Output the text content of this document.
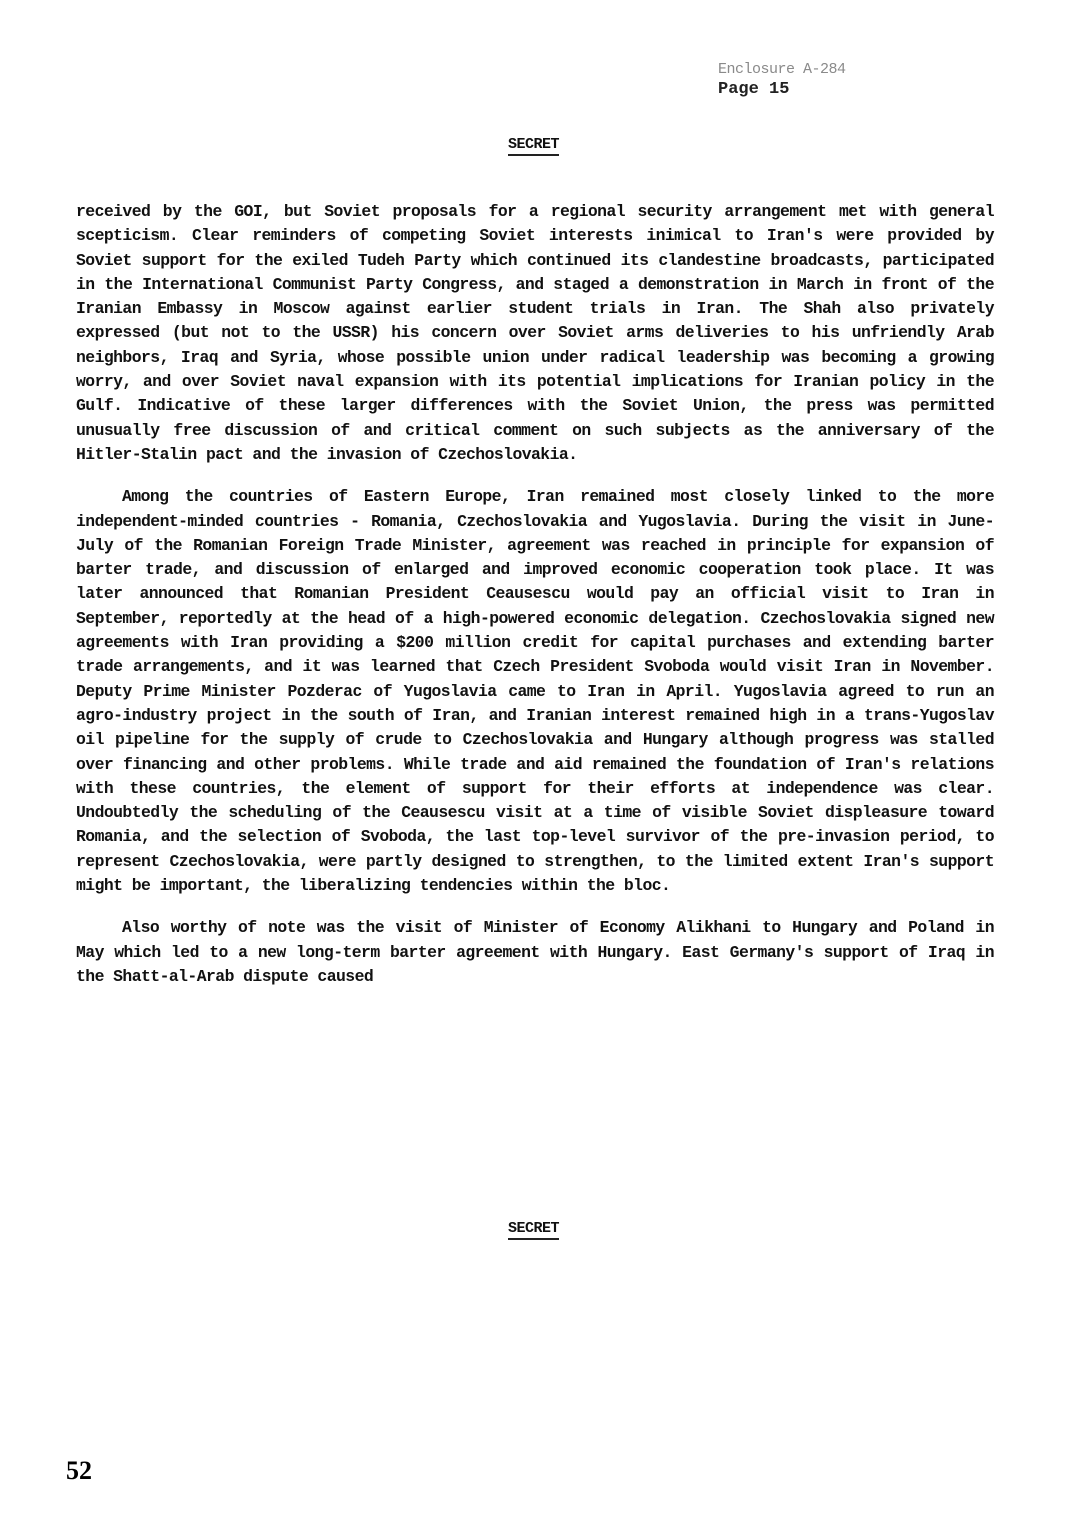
Enclosure A-284
Page 15
SECRET

received by the GOI, but Soviet proposals for a regional security arrangement met with general scepticism. Clear reminders of competing Soviet interests inimical to Iran's were provided by Soviet support for the exiled Tudeh Party which continued its clandestine broadcasts, participated in the International Communist Party Congress, and staged a demonstration in March in front of the Iranian Embassy in Moscow against earlier student trials in Iran. The Shah also privately expressed (but not to the USSR) his concern over Soviet arms deliveries to his unfriendly Arab neighbors, Iraq and Syria, whose possible union under radical leadership was becoming a growing worry, and over Soviet naval expansion with its potential implications for Iranian policy in the Gulf. Indicative of these larger differences with the Soviet Union, the press was permitted unusually free discussion of and critical comment on such subjects as the anniversary of the Hitler-Stalin pact and the invasion of Czechoslovakia.

Among the countries of Eastern Europe, Iran remained most closely linked to the more independent-minded countries - Romania, Czechoslovakia and Yugoslavia. During the visit in June-July of the Romanian Foreign Trade Minister, agreement was reached in principle for expansion of barter trade, and discussion of enlarged and improved economic cooperation took place. It was later announced that Romanian President Ceausescu would pay an official visit to Iran in September, reportedly at the head of a high-powered economic delegation. Czechoslovakia signed new agreements with Iran providing a $200 million credit for capital purchases and extending barter trade arrangements, and it was learned that Czech President Svoboda would visit Iran in November. Deputy Prime Minister Pozderac of Yugoslavia came to Iran in April. Yugoslavia agreed to run an agro-industry project in the south of Iran, and Iranian interest remained high in a trans-Yugoslav oil pipeline for the supply of crude to Czechoslovakia and Hungary although progress was stalled over financing and other problems. While trade and aid remained the foundation of Iran's relations with these countries, the element of support for their efforts at independence was clear. Undoubtedly the scheduling of the Ceausescu visit at a time of visible Soviet displeasure toward Romania, and the selection of Svoboda, the last top-level survivor of the pre-invasion period, to represent Czechoslovakia, were partly designed to strengthen, to the limited extent Iran's support might be important, the liberalizing tendencies within the bloc.

Also worthy of note was the visit of Minister of Economy Alikhani to Hungary and Poland in May which led to a new long-term barter agreement with Hungary. East Germany's support of Iraq in the Shatt-al-Arab dispute caused

SECRET
52
